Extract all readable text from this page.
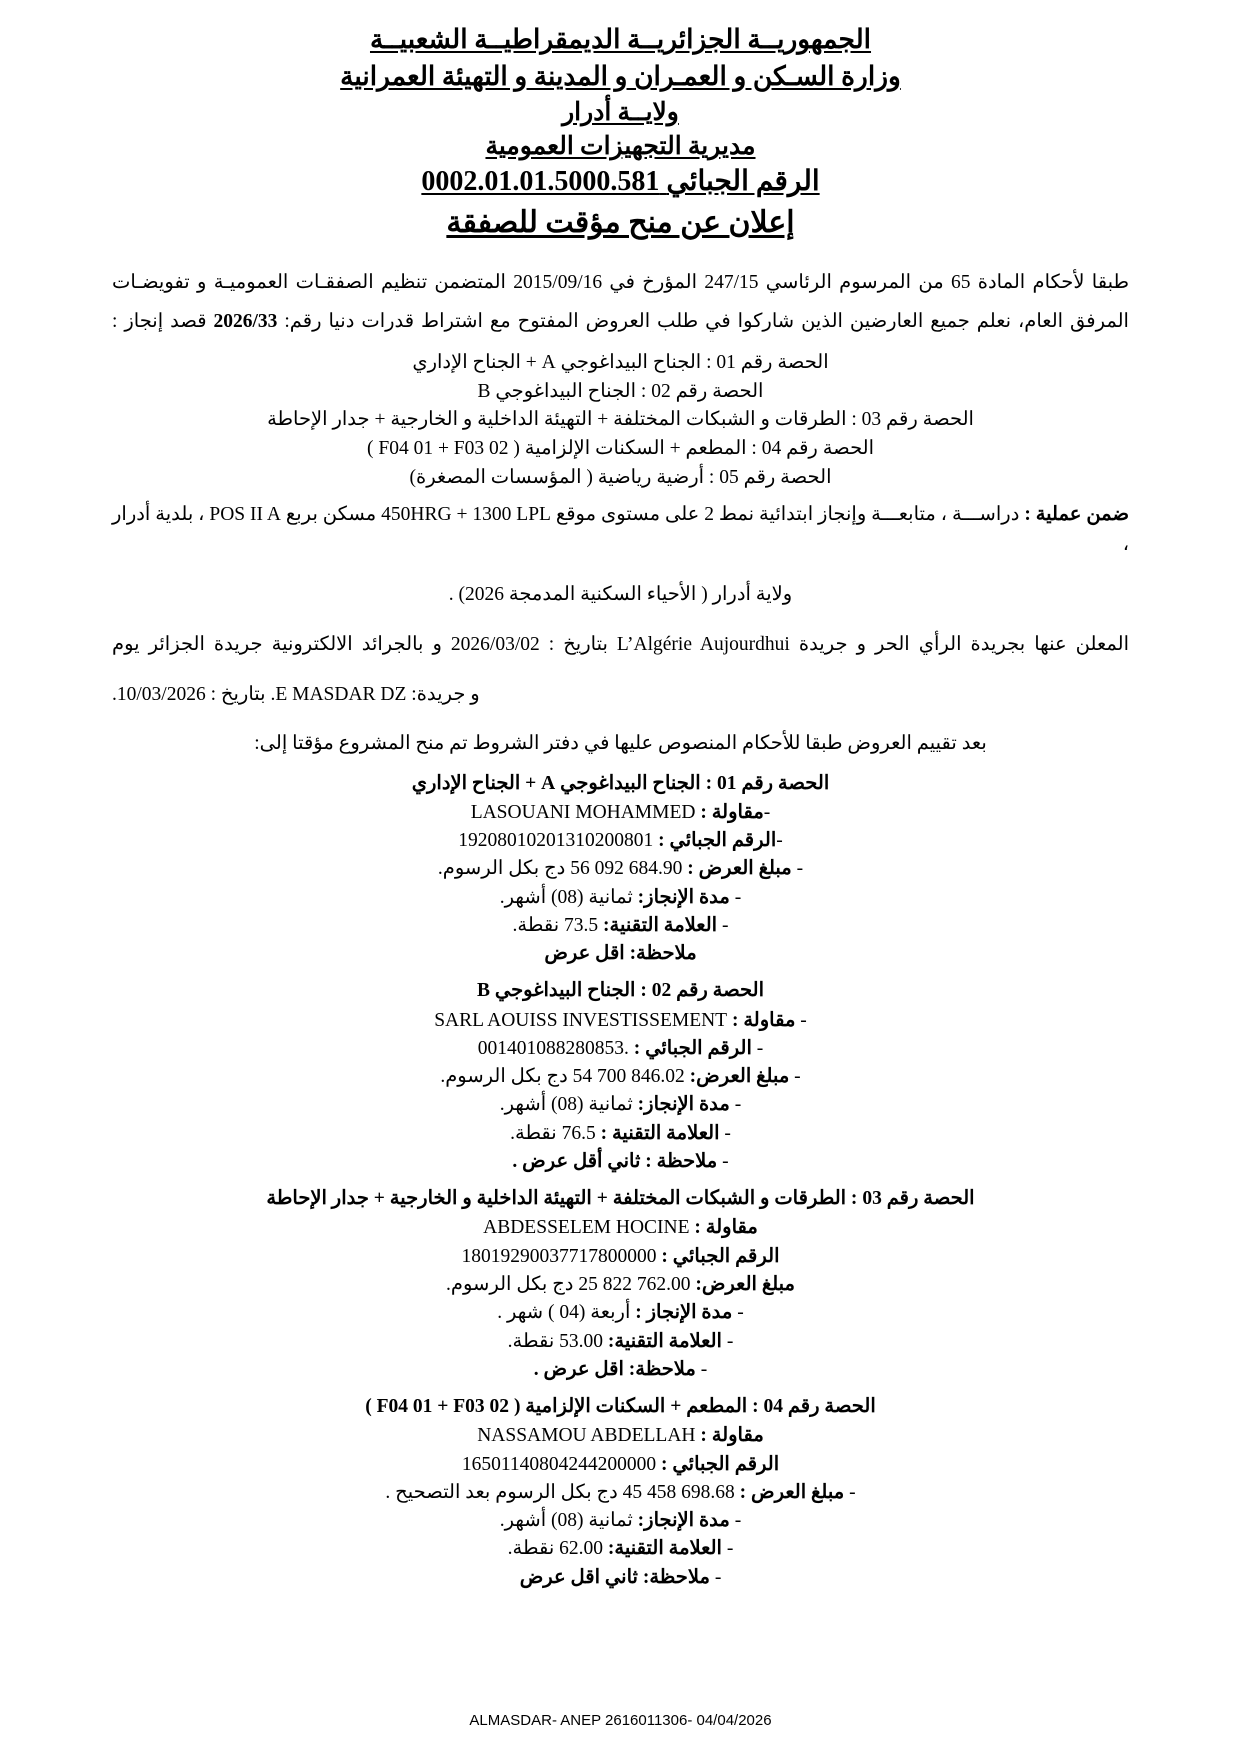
الجمهوريــة الجزائريــة الديمقراطيــة الشعبيــة
وزارة السـكن و العمـران و المدينة و التهيئة العمرانية
ولايــة أدرار
مديرية التجهيزات العمومية
الرقم الجبائي 0002.01.01.5000.581
إعلان عن منح مؤقت للصفقة

طبقا لأحكام المادة 65 من المرسوم الرئاسي 247/15 المؤرخ في 2015/09/16 المتضمن تنظيم الصفقـات العموميـة و تفويضـات

المرفق العام، نعلم جميع العارضين الذين شاركوا في طلب العروض المفتوح مع اشتراط قدرات دنيا رقم: 2026/33 قصد إنجاز :

الحصة رقم 01 : الجناح البيداغوجي A + الجناح الإداري
الحصة رقم 02 : الجناح البيداغوجي B
الحصة رقم 03 : الطرقات و الشبكات المختلفة + التهيئة الداخلية و الخارجية + جدار الإحاطة
الحصة رقم 04 : المطعم + السكنات الإلزامية ( F04 01 + F03 02 )
الحصة رقم 05 : أرضية رياضية ( المؤسسات المصغرة)

ضمن عملية : دراســـة ، متابعـــة وإنجاز ابتدائية نمط 2 على مستوى موقع 450HRG + 1300 LPL مسكن بربع POS II A ، بلدية أدرار ،

ولاية أدرار ( الأحياء السكنية المدمجة 2026) .

المعلن عنها بجريدة الرأي الحر و جريدة L’Algérie Aujourdhui بتاريخ : 2026/03/02 و بالجرائد الالكترونية جريدة الجزائر يوم

و جريدة: E MASDAR DZ. بتاريخ : 10/03/2026.

بعد تقييم العروض طبقا للأحكام المنصوص عليها في دفتر الشروط تم منح المشروع مؤقتا إلى:

الحصة رقم 01 : الجناح البيداغوجي A + الجناح الإداري
-مقاولة : LASOUANI MOHAMMED
-الرقم الجبائي : 19208010201310200801
- مبلغ العرض : 56 092 684.90 دج بكل الرسوم.
- مدة الإنجاز: ثمانية (08) أشهر.
- العلامة التقنية: 73.5 نقطة.
ملاحظة: اقل عرض
الحصة رقم 02 : الجناح البيداغوجي B
- مقاولة : SARL AOUISS INVESTISSEMENT
- الرقم الجبائي : 001401088280853.
- مبلغ العرض: 54 700 846.02 دج بكل الرسوم.
- مدة الإنجاز: ثمانية (08) أشهر.
- العلامة التقنية : 76.5 نقطة.
- ملاحظة : ثاني أقل عرض .
الحصة رقم 03 : الطرقات و الشبكات المختلفة + التهيئة الداخلية و الخارجية + جدار الإحاطة
مقاولة : ABDESSELEM HOCINE
الرقم الجبائي : 18019290037717800000
مبلغ العرض: 25 822 762.00 دج بكل الرسوم.
- مدة الإنجاز : أربعة (04 ) شهر .
- العلامة التقنية: 53.00 نقطة.
- ملاحظة: اقل عرض .
الحصة رقم 04 : المطعم + السكنات الإلزامية ( F04 01 + F03 02 )
مقاولة : NASSAMOU ABDELLAH
الرقم الجبائي : 16501140804244200000
- مبلغ العرض : 45 458 698.68 دج بكل الرسوم بعد التصحيح .
- مدة الإنجاز: ثمانية (08) أشهر.
- العلامة التقنية: 62.00 نقطة.
- ملاحظة: ثاني اقل عرض
ALMASDAR- ANEP 2616011306- 04/04/2026
